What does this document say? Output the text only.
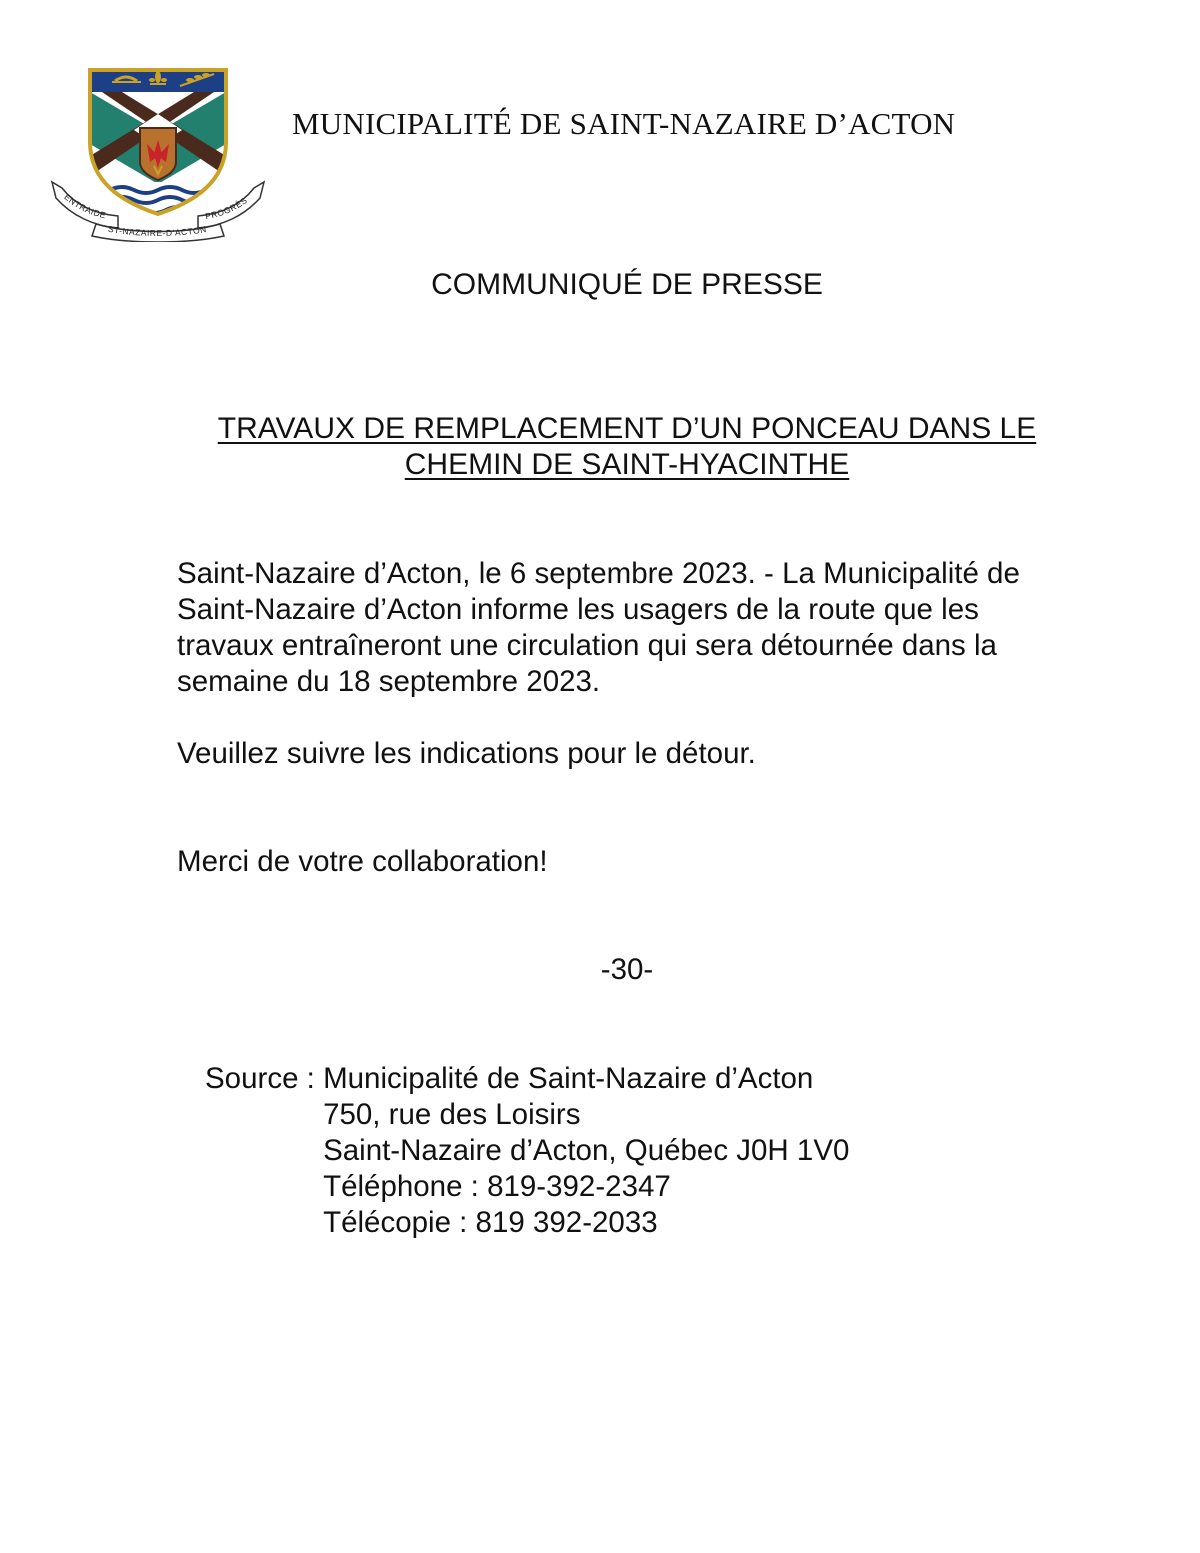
ENTRAIDE	PROGRÈS
ST-NAZAIRE-D’ACTON
MUNICIPALITÉ DE SAINT-NAZAIRE D’ACTON
COMMUNIQUÉ DE PRESSE
TRAVAUX DE REMPLACEMENT D’UN PONCEAU DANS LE
CHEMIN DE SAINT-HYACINTHE

Saint-Nazaire d’Acton, le 6 septembre 2023. - La Municipalité de Saint-Nazaire d’Acton informe les usagers de la route que les travaux entraîneront une circulation qui sera détournée dans la semaine du 18 septembre 2023.

Veuillez suivre les indications pour le détour.

Merci de votre collaboration!

-30-

Source : Municipalité de Saint-Nazaire d’Acton
750, rue des Loisirs
Saint-Nazaire d’Acton, Québec J0H 1V0
Téléphone : 819-392-2347
Télécopie : 819 392-2033
